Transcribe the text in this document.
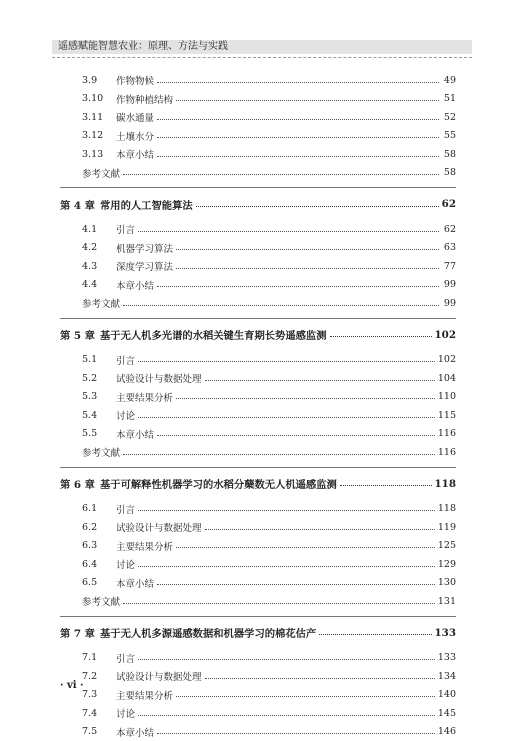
遥感赋能智慧农业：原理、方法与实践
3.9	作物物候	49
3.10	作物种植结构	51
3.11	碳水通量	52
3.12	土壤水分	55
3.13	本章小结	58
参考文献	58
第 4 章 常用的人工智能算法	62
4.1	引言	62
4.2	机器学习算法	63
4.3	深度学习算法	77
4.4	本章小结	99
参考文献	99
第 5 章 基于无人机多光谱的水稻关键生育期长势遥感监测	102
5.1	引言	102
5.2	试验设计与数据处理	104
5.3	主要结果分析	110
5.4	讨论	115
5.5	本章小结	116
参考文献	116
第 6 章 基于可解释性机器学习的水稻分蘖数无人机遥感监测	118
6.1	引言	118
6.2	试验设计与数据处理	119
6.3	主要结果分析	125
6.4	讨论	129
6.5	本章小结	130
参考文献	131
第 7 章 基于无人机多源遥感数据和机器学习的棉花估产	133
7.1	引言	133
7.2	试验设计与数据处理	134
7.3	主要结果分析	140
7.4	讨论	145
7.5	本章小结	146
· vi ·
